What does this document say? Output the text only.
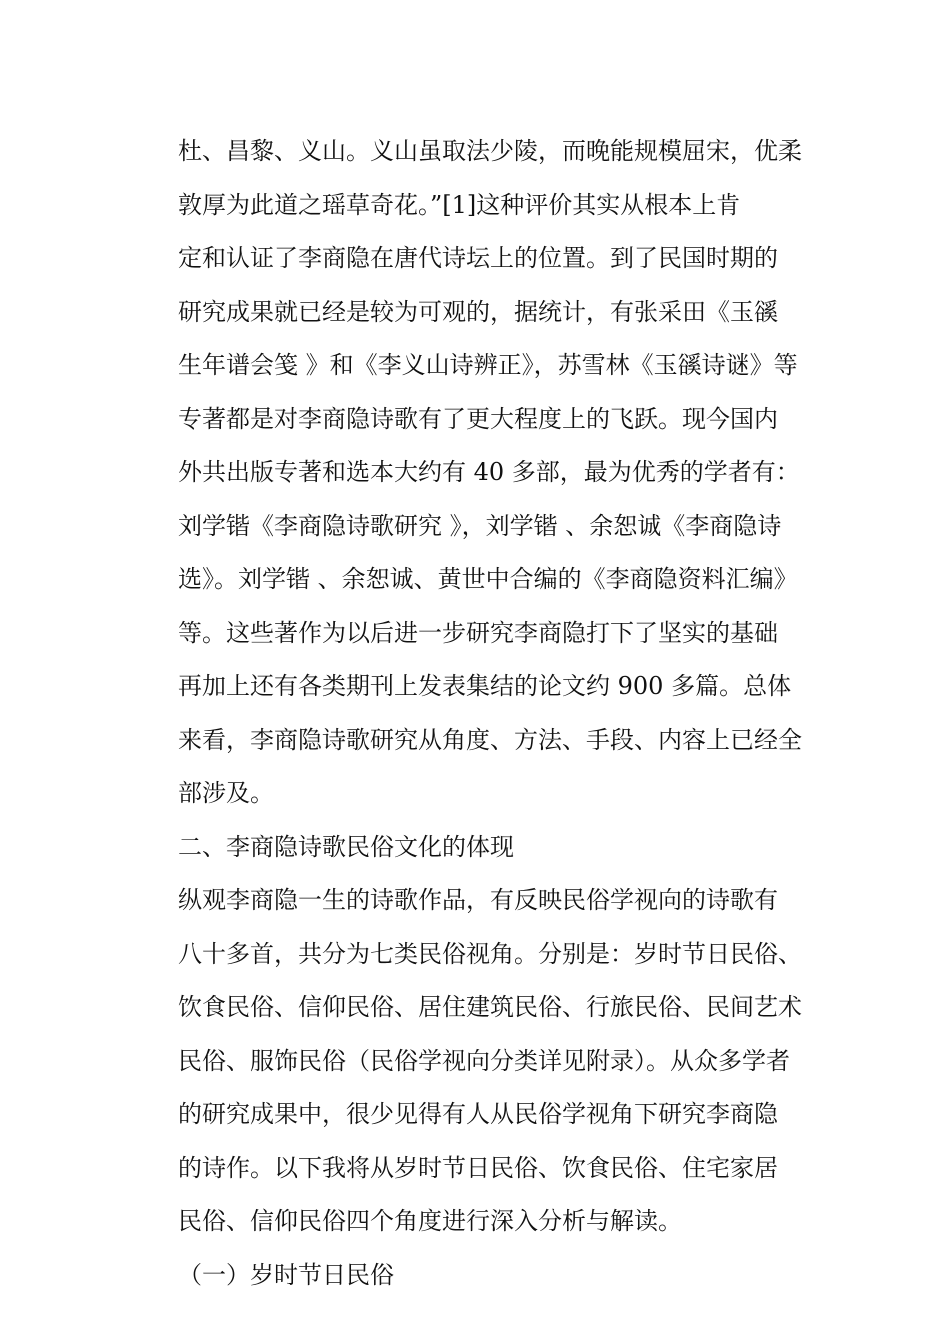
杜、昌黎、义山。义山虽取法少陵，而晚能规模屈宋，优柔
敦厚为此道之瑶草奇花。”[1]这种评价其实从根本上肯
定和认证了李商隐在唐代诗坛上的位置。到了民国时期的
研究成果就已经是较为可观的，据统计，有张采田《玉豀
生年谱会笺 》和《李义山诗辨正》，苏雪林《玉豀诗谜》等
专著都是对李商隐诗歌有了更大程度上的飞跃。现今国内
外共出版专著和选本大约有 40 多部，最为优秀的学者有：
刘学锴《李商隐诗歌研究 》，刘学锴 、余恕诚《李商隐诗
选》。刘学锴 、余恕诚、黄世中合编的《李商隐资料汇编》
等。这些著作为以后进一步研究李商隐打下了坚实的基础
再加上还有各类期刊上发表集结的论文约 900 多篇。总体
来看，李商隐诗歌研究从角度、方法、手段、内容上已经全
部涉及。
二、李商隐诗歌民俗文化的体现
纵观李商隐一生的诗歌作品，有反映民俗学视向的诗歌有
八十多首，共分为七类民俗视角。分别是：岁时节日民俗、
饮食民俗、信仰民俗、居住建筑民俗、行旅民俗、民间艺术
民俗、服饰民俗（民俗学视向分类详见附录）。从众多学者
的研究成果中，很少见得有人从民俗学视角下研究李商隐
的诗作。以下我将从岁时节日民俗、饮食民俗、住宅家居
民俗、信仰民俗四个角度进行深入分析与解读。
（一）岁时节日民俗
